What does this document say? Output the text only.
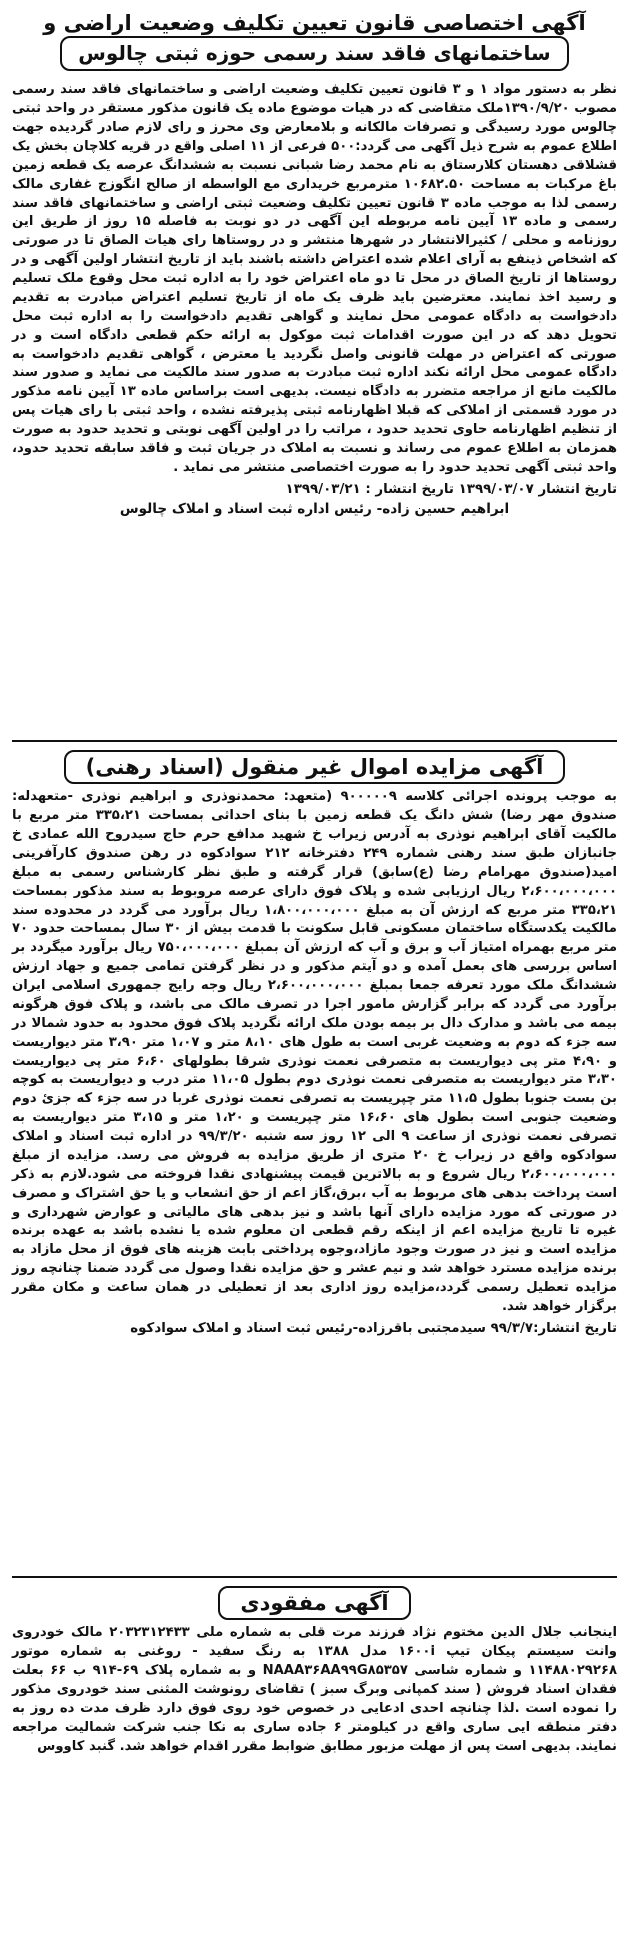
آگهی اختصاصی قانون تعیین تکلیف وضعیت اراضی و
ساختمانهای فاقد سند رسمی حوزه ثبتی چالوس

نظر به دستور مواد ۱ و ۳ قانون تعیین تکلیف وضعیت اراضی و ساختمانهای فاقد سند رسمی مصوب ۱۳۹۰/۹/۲۰ملک متقاضی که در هیات موضوع ماده یک قانون مذکور مستقر در واحد ثبتی چالوس مورد رسیدگی و تصرفات مالکانه و بلامعارض وی محرز و رای لازم صادر گردیده جهت اطلاع عموم به شرح ذیل آگهی می گردد:۵۰۰ فرعی از ۱۱ اصلی واقع در قریه کلاچان بخش یک قشلاقی دهستان کلارستاق به نام محمد رضا شبانی نسبت به ششدانگ عرصه یک قطعه زمین باغ مرکبات به مساحت ۱۰۶۸۲.۵۰ مترمربع خریداری مع الواسطه از صالح انگوزج غفاری مالک رسمی لذا به موجب ماده ۳ قانون تعیین تکلیف وضعیت ثبتی اراضی و ساختمانهای فاقد سند رسمی و ماده ۱۳ آیین نامه مربوطه این آگهی در دو نوبت به فاصله ۱۵ روز از طریق این روزنامه و محلی / کثیرالانتشار در شهرها منتشر و در روستاها رای هیات الصاق تا در صورتی که اشخاص ذینفع به آرای اعلام شده اعتراض داشته باشند باید از تاریخ انتشار اولین آگهی و در روستاها از تاریخ الصاق در محل تا دو ماه اعتراض خود را به اداره ثبت محل وقوع ملک تسلیم و رسید اخذ نمایند. معترضین باید ظرف یک ماه از تاریخ تسلیم اعتراض مبادرت به تقدیم دادخواست به دادگاه عمومی محل نمایند و گواهی تقدیم دادخواست را به اداره ثبت محل تحویل دهد که در این صورت اقدامات ثبت موکول به ارائه حکم قطعی دادگاه است و در صورتی که اعتراض در مهلت قانونی واصل نگردید یا معترض ، گواهی تقدیم دادخواست به دادگاه عمومی محل ارائه نکند اداره ثبت مبادرت به صدور سند مالکیت می نماید و صدور سند مالکیت مانع از مراجعه متضرر به دادگاه نیست. بدیهی است براساس ماده ۱۳ آیین نامه مذکور در مورد قسمتی از املاکی که قبلا اظهارنامه ثبتی پذیرفته نشده ، واحد ثبتی با رای هیات پس از تنظیم اظهارنامه حاوی تحدید حدود ، مراتب را در اولین آگهی نوبتی و تحدید حدود به صورت همزمان به اطلاع عموم می رساند و نسبت به املاک در جریان ثبت و فاقد سابقه تحدید حدود، واحد ثبتی آگهی تحدید حدود را به صورت اختصاصی منتشر می نماید .

تاریخ انتشار ۱۳۹۹/۰۳/۰۷ تاریخ انتشار : ۱۳۹۹/۰۳/۲۱
ابراهیم حسین زاده- رئیس اداره ثبت اسناد و املاک چالوس
آگهی مزایده اموال غیر منقول (اسناد رهنی)

به موجب پرونده اجرائی کلاسه ۹۰۰۰۰۰۹ (متعهد: محمدنوذری و ابراهیم نوذری -متعهدله: صندوق مهر رضا) شش دانگ یک قطعه زمین با بنای احداثی بمساحت ۳۳۵،۲۱ متر مربع با مالکیت آقای ابراهیم نوذری به آدرس زیراب خ شهید مدافع حرم حاج سیدروح الله عمادی خ جانبازان طبق سند رهنی شماره ۲۴۹ دفترخانه ۲۱۲ سوادکوه در رهن صندوق کارآفرینی امید(صندوق مهرامام رضا (ع)سابق) قرار گرفته و طبق نظر کارشناس رسمی به مبلغ ۲،۶۰۰،۰۰۰،۰۰۰ ریال ارزیابی شده و پلاک فوق دارای عرصه مروبوط به سند مذکور بمساحت ۳۳۵،۲۱ متر مربع که ارزش آن به مبلغ ۱،۸۰۰،۰۰۰،۰۰۰ ریال برآورد می گردد در محدوده سند مالکیت یکدستگاه ساختمان مسکونی قابل سکونت با قدمت بیش از ۳۰ سال بمساحت حدود ۷۰ متر مربع بهمراه امتیاز آب و برق و آب که ارزش آن بمبلغ ۷۵۰،۰۰۰،۰۰۰ ریال برآورد میگردد بر اساس بررسی های بعمل آمده و دو آیتم مذکور و در نظر گرفتن تمامی جمیع و جهاد ارزش ششدانگ ملک مورد تعرفه جمعا بمبلغ ۲،۶۰۰،۰۰۰،۰۰۰ ریال وجه رایج جمهوری اسلامی ایران برآورد می گردد که برابر گزارش مامور اجرا در تصرف مالک می باشد، و پلاک فوق هرگونه بیمه می باشد و مدارک دال بر بیمه بودن ملک ارائه نگردید پلاک فوق محدود به حدود شمالا در سه جزء که دوم به وضعیت غربی است به طول های ۸،۱۰ متر و ۱،۰۷ متر ۳،۹۰ متر دیواریست و ۴،۹۰ متر پی دیواریست به متصرفی نعمت نوذری شرقا بطولهای ۶،۶۰ متر پی دیواریست ۳،۳۰ متر دیواریست به متصرفی نعمت نوذری دوم بطول ۱۱،۰۵ متر درب و دیواریست به کوچه بن بست جنوبا بطول ۱۱،۵ متر چپریست به تصرفی نعمت نوذری غربا در سه جزء که جزئ دوم وضعیت جنوبی است بطول های ۱۶،۶۰ متر چپریست و ۱،۲۰ متر و ۳،۱۵ متر دیواریست به تصرفی نعمت نوذری از ساعت ۹ الی ۱۲ روز سه شنبه ۹۹/۳/۲۰ در اداره ثبت اسناد و املاک سوادکوه واقع در زیراب خ ۲۰ متری از طریق مزایده به فروش می رسد. مزایده از مبلغ ۲،۶۰۰،۰۰۰،۰۰۰ ریال شروع و به بالاترین قیمت پیشنهادی نقدا فروخته می شود.لازم به ذکر است پرداخت بدهی های مربوط به آب ،برق،گاز اعم از حق انشعاب و یا حق اشتراک و مصرف در صورتی که مورد مزایده دارای آنها باشد و نیز بدهی های مالیاتی و عوارض شهرداری و غیره تا تاریخ مزایده اعم از اینکه رقم قطعی ان معلوم شده یا نشده باشد به عهده برنده مزایده است و نیز در صورت وجود مازاد،وجوه پرداختی بابت هزینه های فوق از محل مازاد به برنده مزایده مسترد خواهد شد و نیم عشر و حق مزایده نقدا وصول می گردد ضمنا چنانچه روز مزایده تعطیل رسمی گردد،مزایده روز اداری بعد از تعطیلی در همان ساعت و مکان مقرر برگزار خواهد شد.

تاریخ انتشار:۹۹/۳/۷ سیدمجتبی باقرزاده-رئیس ثبت اسناد و املاک سوادکوه
آگهی مفقودی

اینجانب جلال الدین مختوم نژاد فرزند مرت قلی به شماره ملی ۲۰۳۲۳۱۲۴۳۳ مالک خودروی وانت سیستم پیکان تیپ ۱۶۰۰i مدل ۱۳۸۸ به رنگ سفید - روغنی به شماره موتور ۱۱۴۸۸۰۲۹۲۶۸ و شماره شاسی NAAA۳۶AA۹۹G۸۵۳۵۷ و به شماره پلاک ۶۹-۹۱۴ ب ۶۶ بعلت فقدان اسناد فروش ( سند کمپانی وبرگ سبز ) تقاضای رونوشت المثنی سند خودروی مذکور را نموده است .لذا چنانچه احدی ادعایی در خصوص خود روی فوق دارد ظرف مدت ده روز به دفتر منطقه ایی ساری واقع در کیلومتر ۶ جاده ساری به نکا جنب شرکت شمالیت مراجعه نمایند. بدیهی است پس از مهلت مزبور مطابق ضوابط مقرر اقدام خواهد شد. گنبد کاووس
